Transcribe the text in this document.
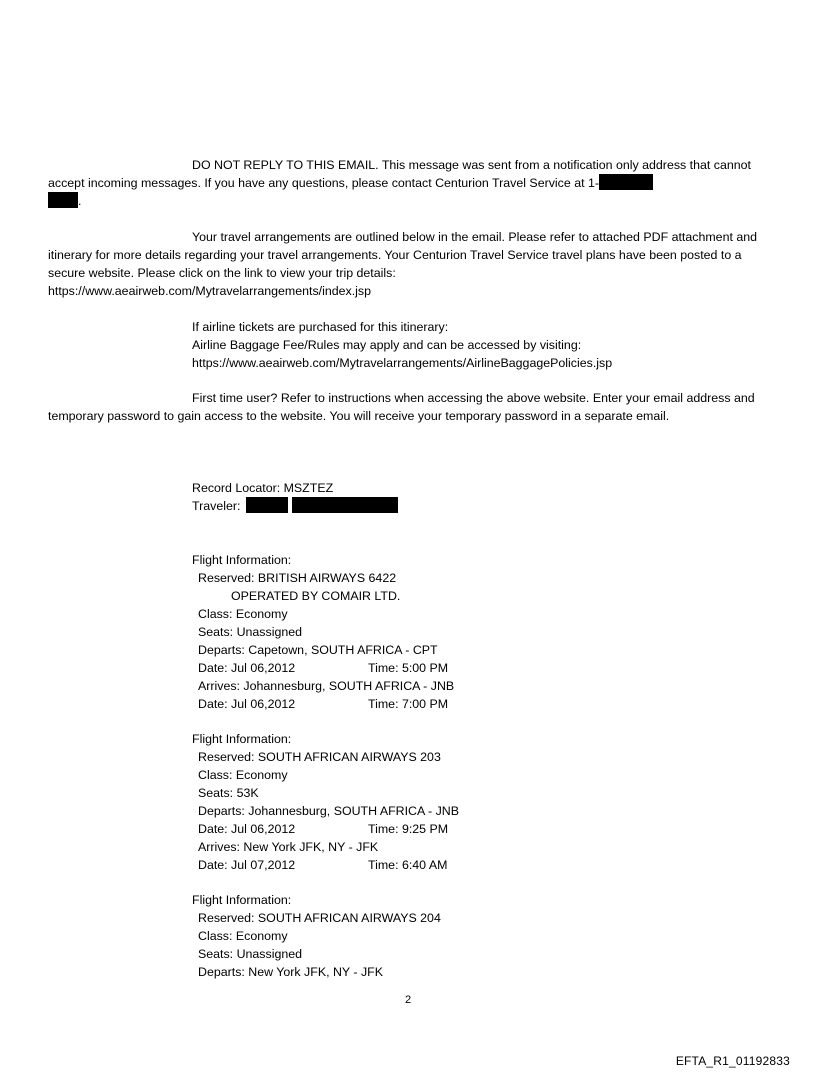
DO NOT REPLY TO THIS EMAIL. This message was sent from a notification only address that cannot accept incoming messages. If you have any questions, please contact Centurion Travel Service at 1-
.
Your travel arrangements are outlined below in the email. Please refer to attached PDF attachment and itinerary for more details regarding your travel arrangements. Your Centurion Travel Service travel plans have been posted to a secure website. Please click on the link to view your trip details:
https://www.aeairweb.com/Mytravelarrangements/index.jsp
If airline tickets are purchased for this itinerary:
Airline Baggage Fee/Rules may apply and can be accessed by visiting:
https://www.aeairweb.com/Mytravelarrangements/AirlineBaggagePolicies.jsp
First time user? Refer to instructions when accessing the above website. Enter your email address and temporary password to gain access to the website. You will receive your temporary password in a separate email.
Record Locator: MSZTEZ
Traveler:
Flight Information:
Reserved: BRITISH AIRWAYS 6422
OPERATED BY COMAIR LTD.
Class: Economy
Seats: Unassigned
Departs: Capetown, SOUTH AFRICA - CPT
Date: Jul 06,2012	Time: 5:00 PM
Arrives: Johannesburg, SOUTH AFRICA - JNB
Date: Jul 06,2012	Time: 7:00 PM
Flight Information:
Reserved: SOUTH AFRICAN AIRWAYS 203
Class: Economy
Seats: 53K
Departs: Johannesburg, SOUTH AFRICA - JNB
Date: Jul 06,2012	Time: 9:25 PM
Arrives: New York JFK, NY - JFK
Date: Jul 07,2012	Time: 6:40 AM
Flight Information:
Reserved: SOUTH AFRICAN AIRWAYS 204
Class: Economy
Seats: Unassigned
Departs: New York JFK, NY - JFK
2
EFTA_R1_01192833
